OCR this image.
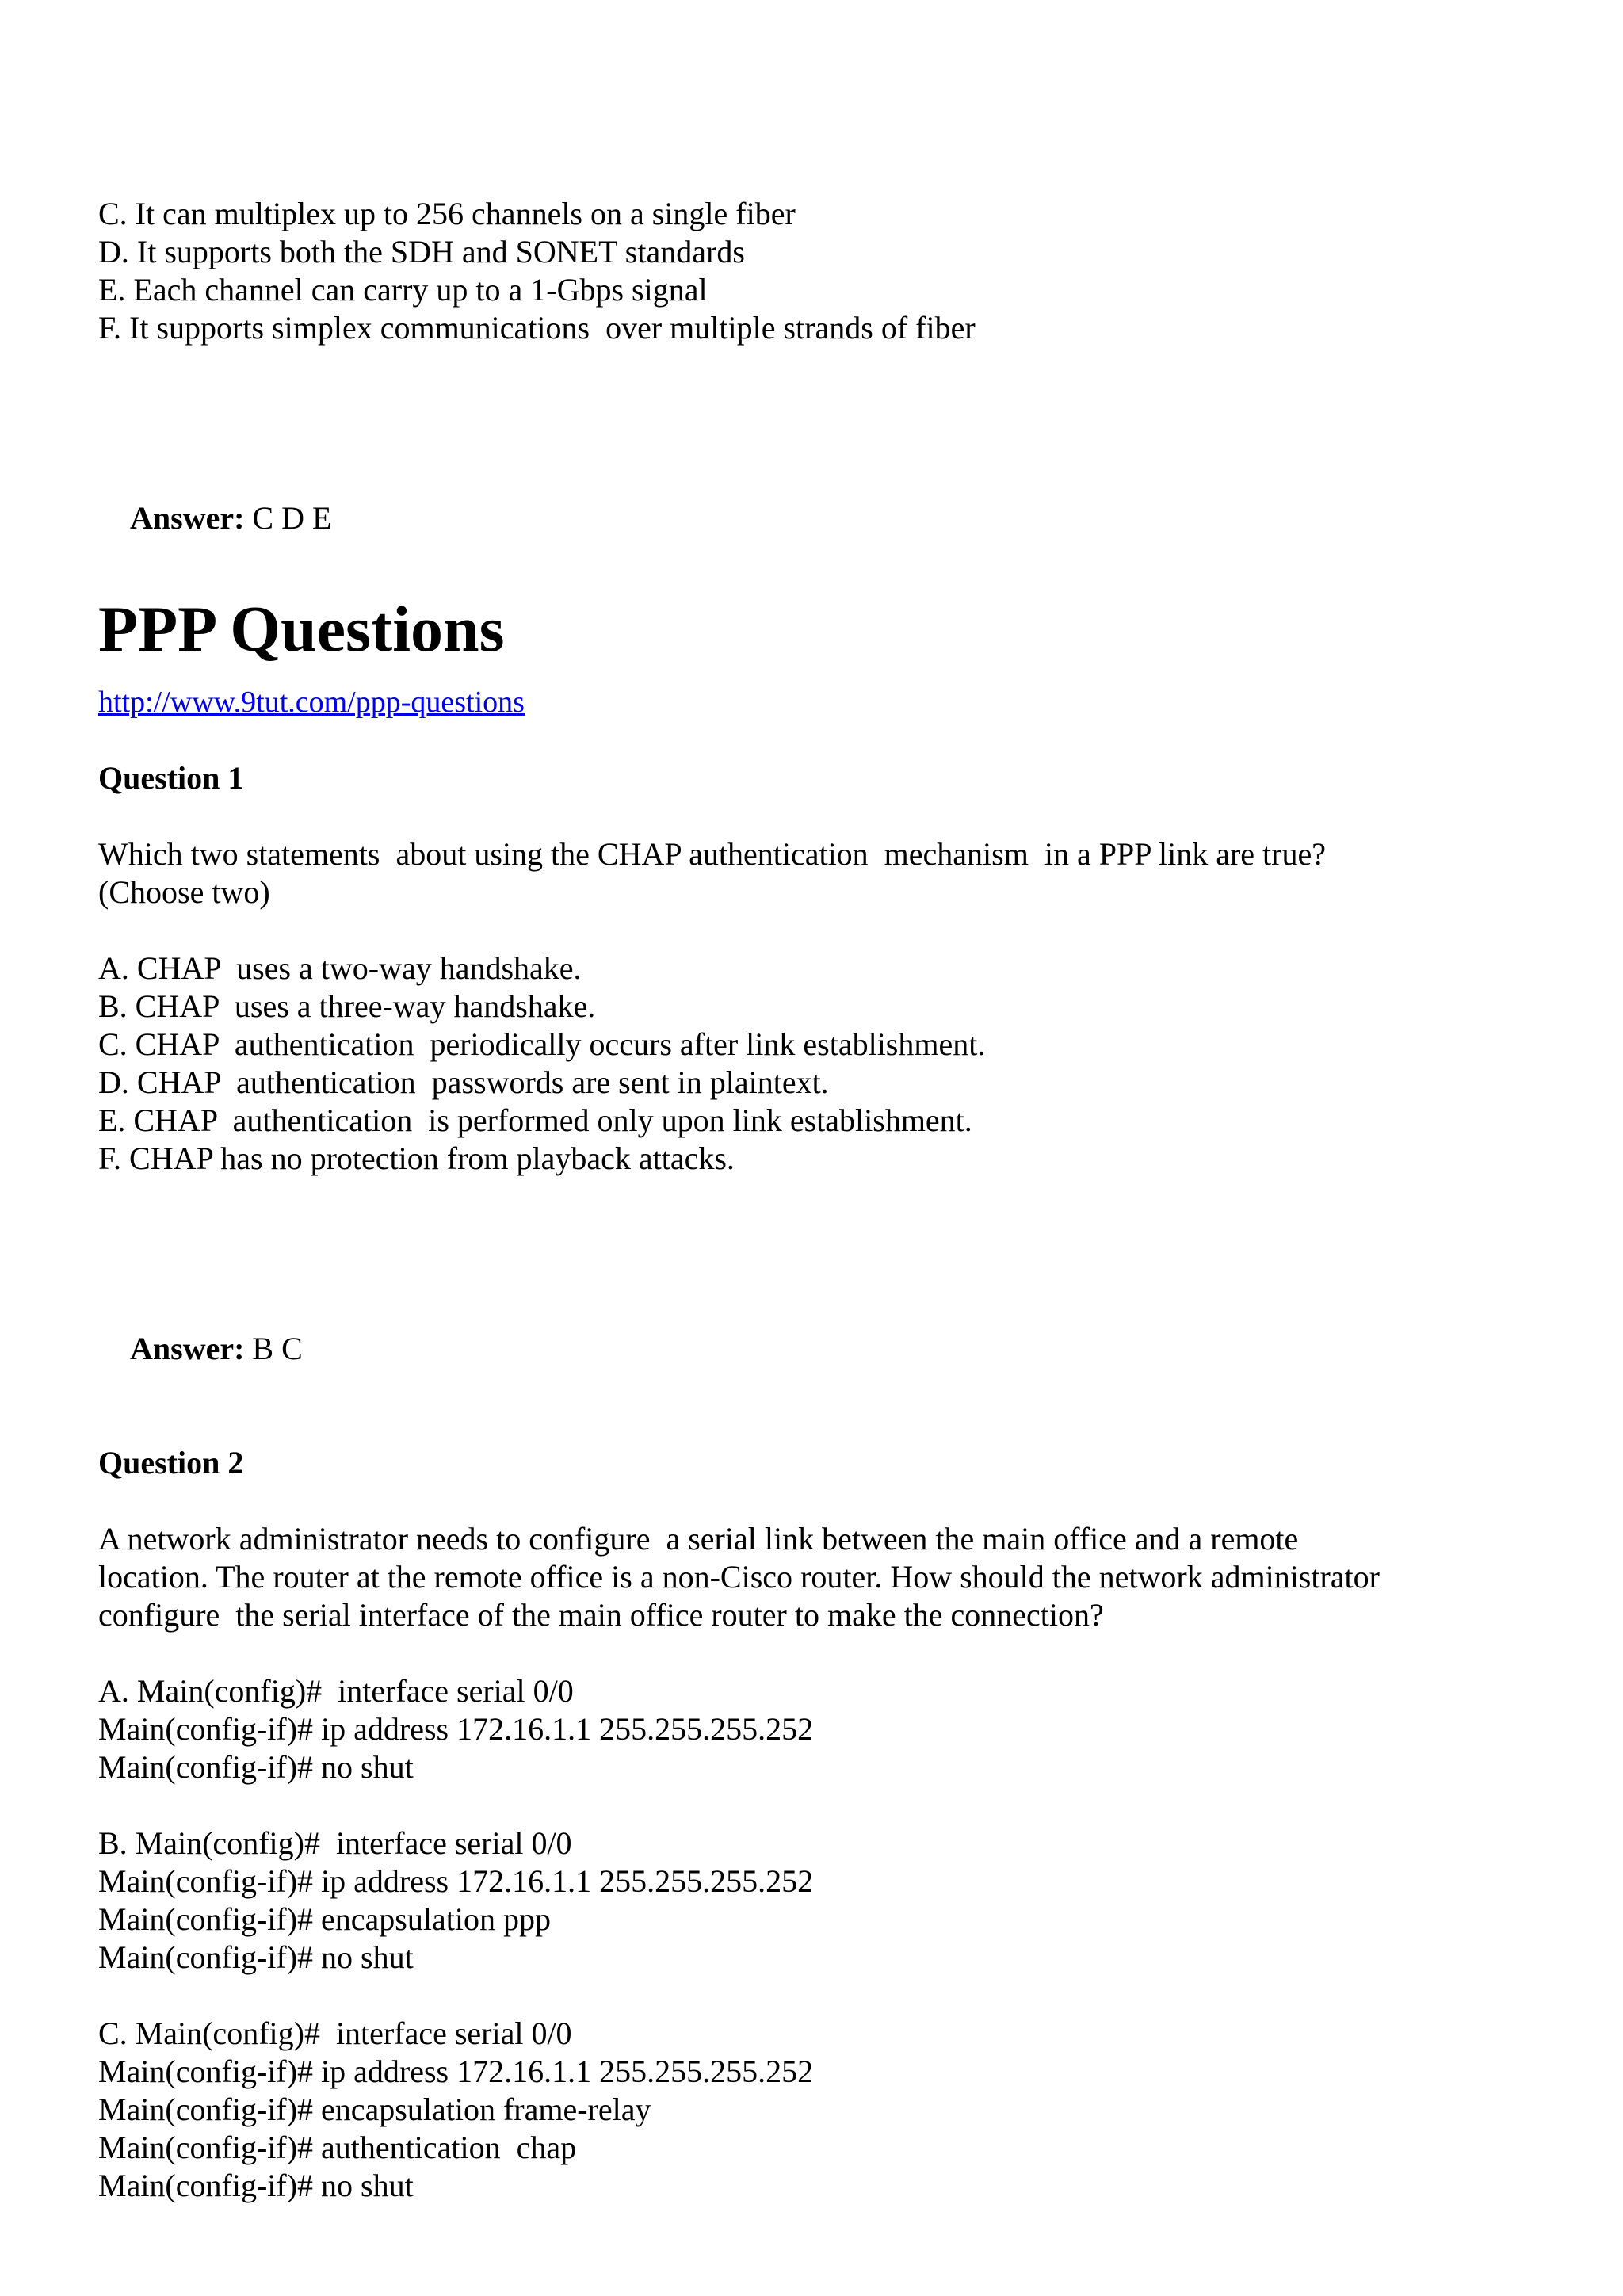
C. It can multiplex up to 256 channels on a single fiber
D. It supports both the SDH and SONET standards
E. Each channel can carry up to a 1-Gbps signal
F. It supports simplex communications  over multiple strands of fiber

Answer: C D E

PPP Questions
http://www.9tut.com/ppp-questions
Question 1
Which two statements  about using the CHAP authentication  mechanism  in a PPP link are true?
(Choose two)
A. CHAP  uses a two-way handshake.
B. CHAP  uses a three-way handshake.
C. CHAP  authentication  periodically occurs after link establishment.
D. CHAP  authentication  passwords are sent in plaintext.
E. CHAP  authentication  is performed only upon link establishment.
F. CHAP has no protection from playback attacks.

Answer: B C

Question 2
A network administrator needs to configure  a serial link between the main office and a remote
location. The router at the remote office is a non-Cisco router. How should the network administrator
configure  the serial interface of the main office router to make the connection?
A. Main(config)#  interface serial 0/0
Main(config-if)# ip address 172.16.1.1 255.255.255.252
Main(config-if)# no shut
B. Main(config)#  interface serial 0/0
Main(config-if)# ip address 172.16.1.1 255.255.255.252
Main(config-if)# encapsulation ppp
Main(config-if)# no shut
C. Main(config)#  interface serial 0/0
Main(config-if)# ip address 172.16.1.1 255.255.255.252
Main(config-if)# encapsulation frame-relay
Main(config-if)# authentication  chap
Main(config-if)# no shut
